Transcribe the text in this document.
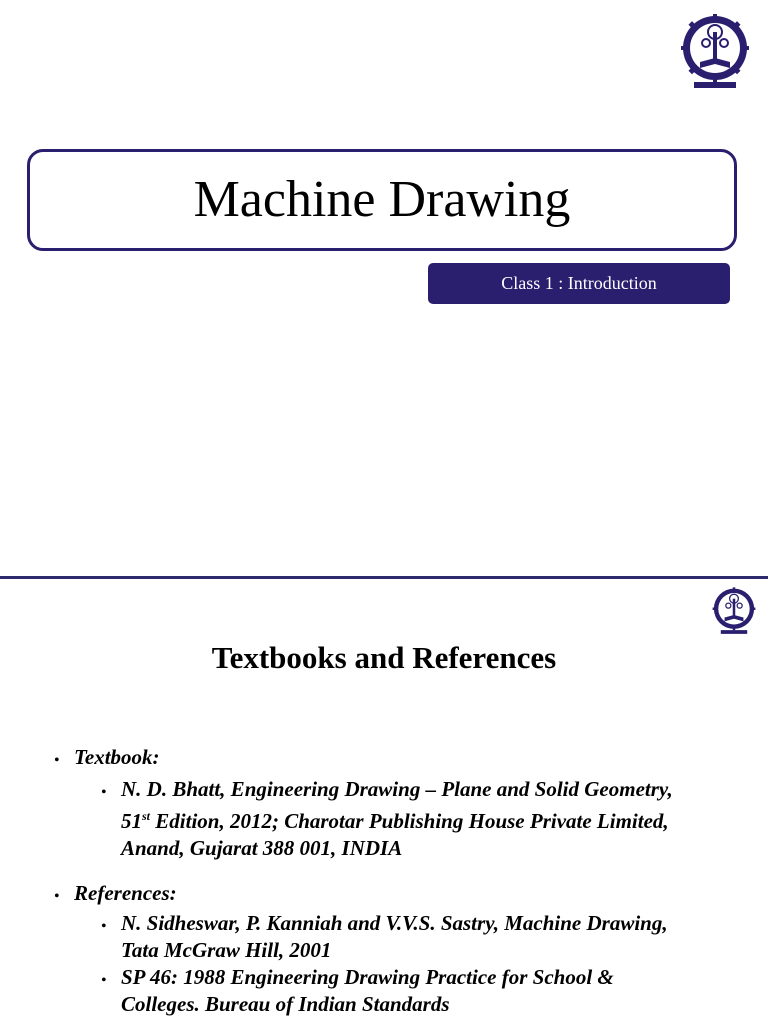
Machine Drawing
Class 1 : Introduction
Textbooks and References
• Textbook:
• N. D. Bhatt, Engineering Drawing – Plane and Solid Geometry,

51st Edition, 2012; Charotar Publishing House Private Limited,

Anand, Gujarat 388 001, INDIA

• References:
• N. Sidheswar, P. Kanniah and V.V.S. Sastry, Machine Drawing,

Tata McGraw Hill, 2001

• SP 46: 1988 Engineering Drawing Practice for School &

Colleges. Bureau of Indian Standards
